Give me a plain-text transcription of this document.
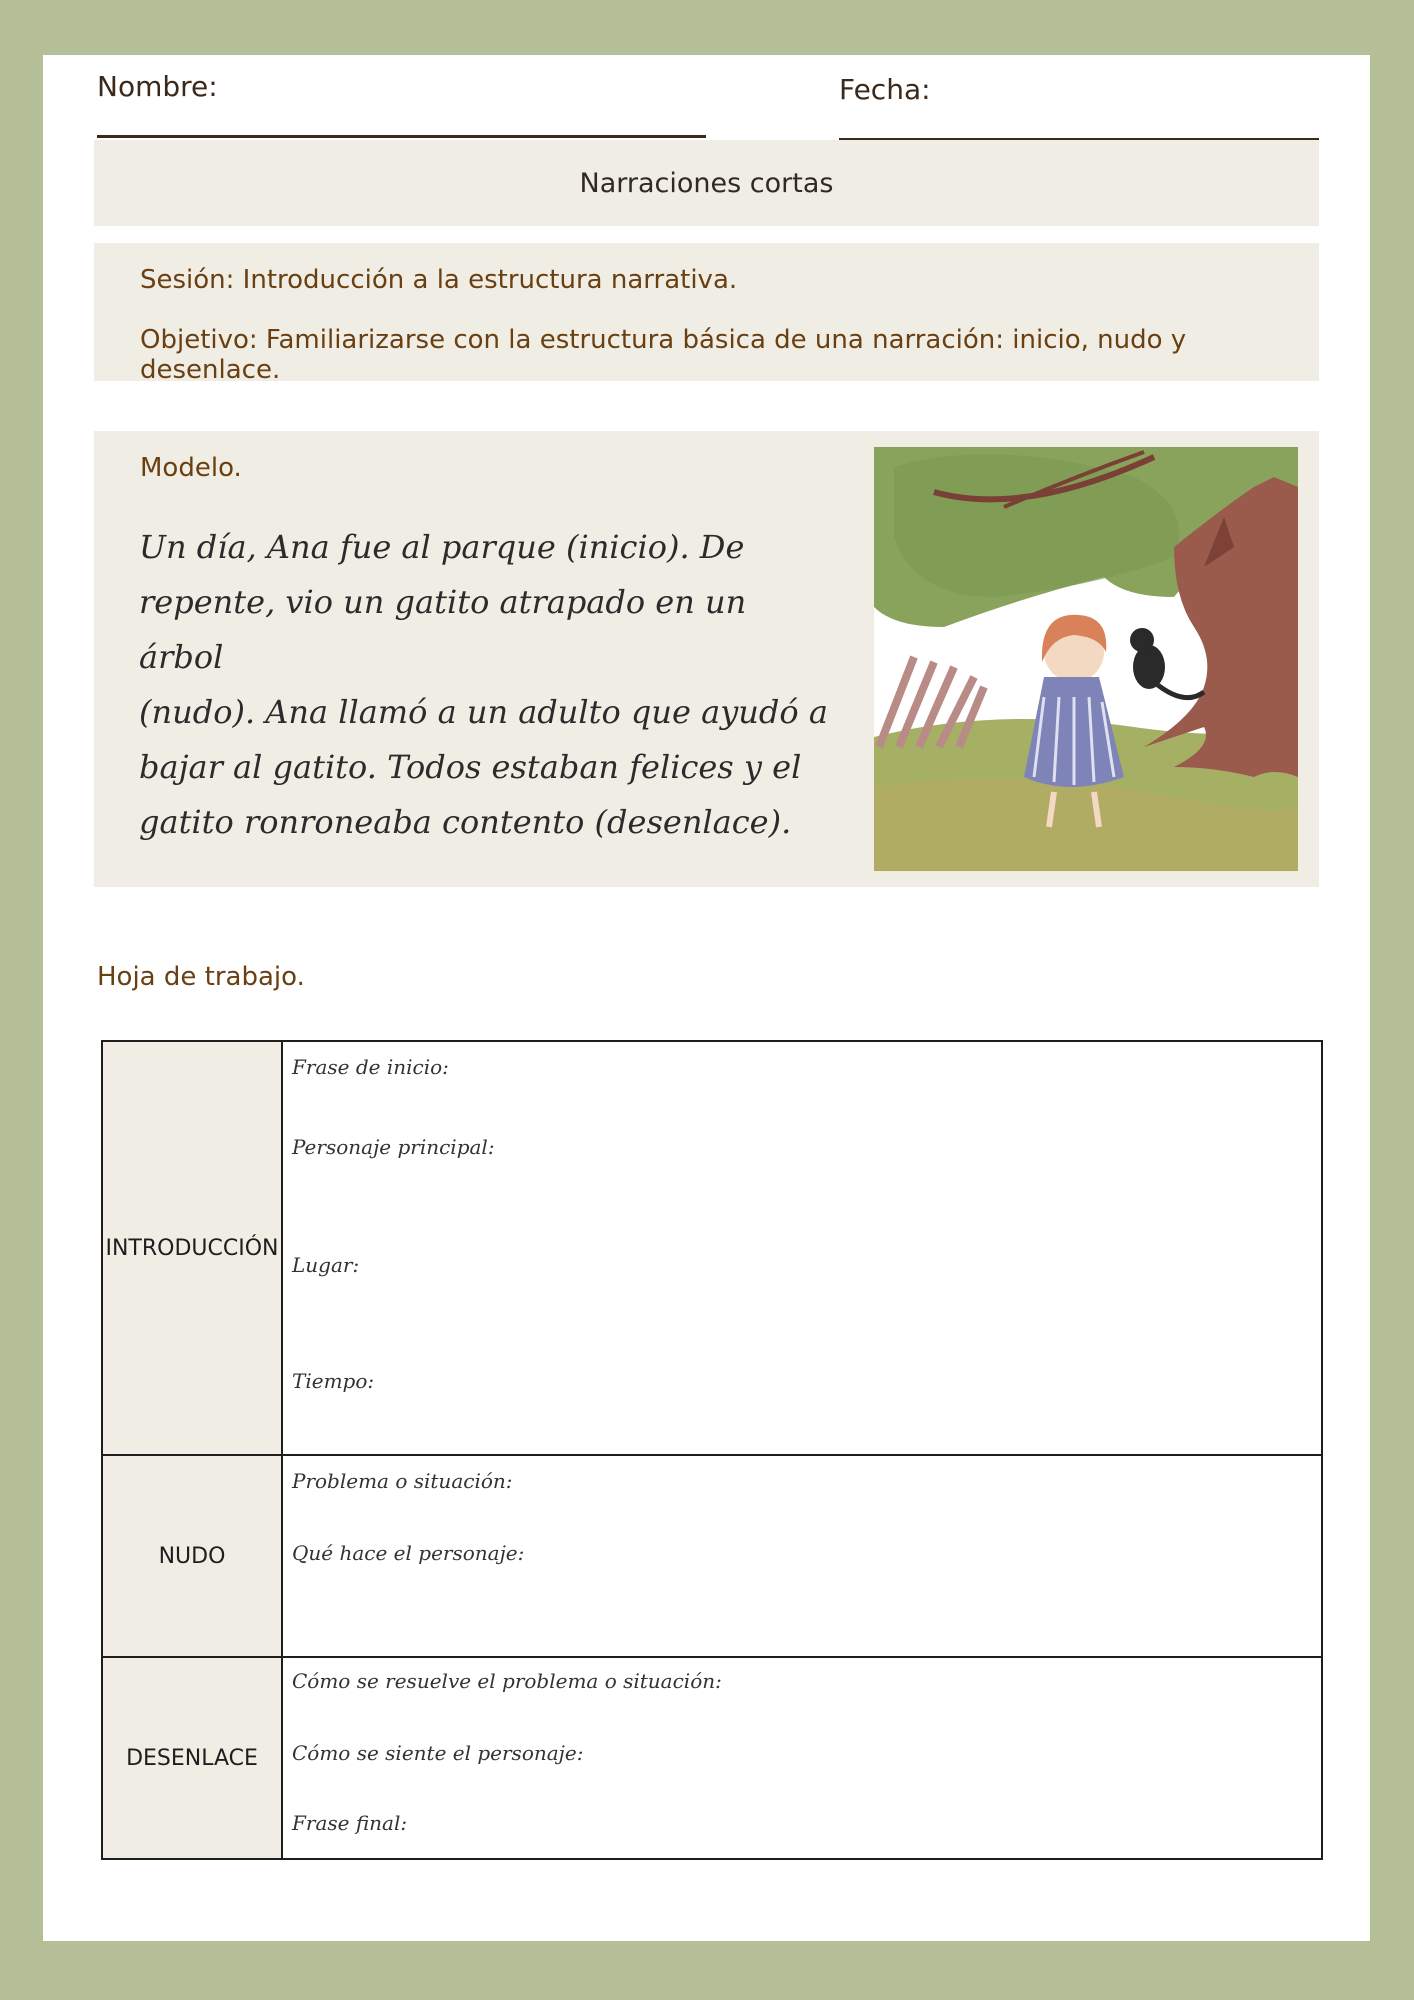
Nombre:	Fecha:
Narraciones cortas
Sesión: Introducción a la estructura narrativa.
Objetivo: Familiarizarse con la estructura básica de una narración: inicio, nudo y desenlace.
Modelo.
Un día, Ana fue al parque (inicio). De
repente, vio un gatito atrapado en un árbol
(nudo). Ana llamó a un adulto que ayudó a
bajar al gatito. Todos estaban felices y el
gatito ronroneaba contento (desenlace).
Hoja de trabajo.
INTRODUCCIÓN	Frase de inicio:
Personaje principal:
Lugar:
Tiempo:

NUDO	Problema o situación:
Qué hace el personaje:

DESENLACE	Cómo se resuelve el problema o situación:
Cómo se siente el personaje:
Frase final:
